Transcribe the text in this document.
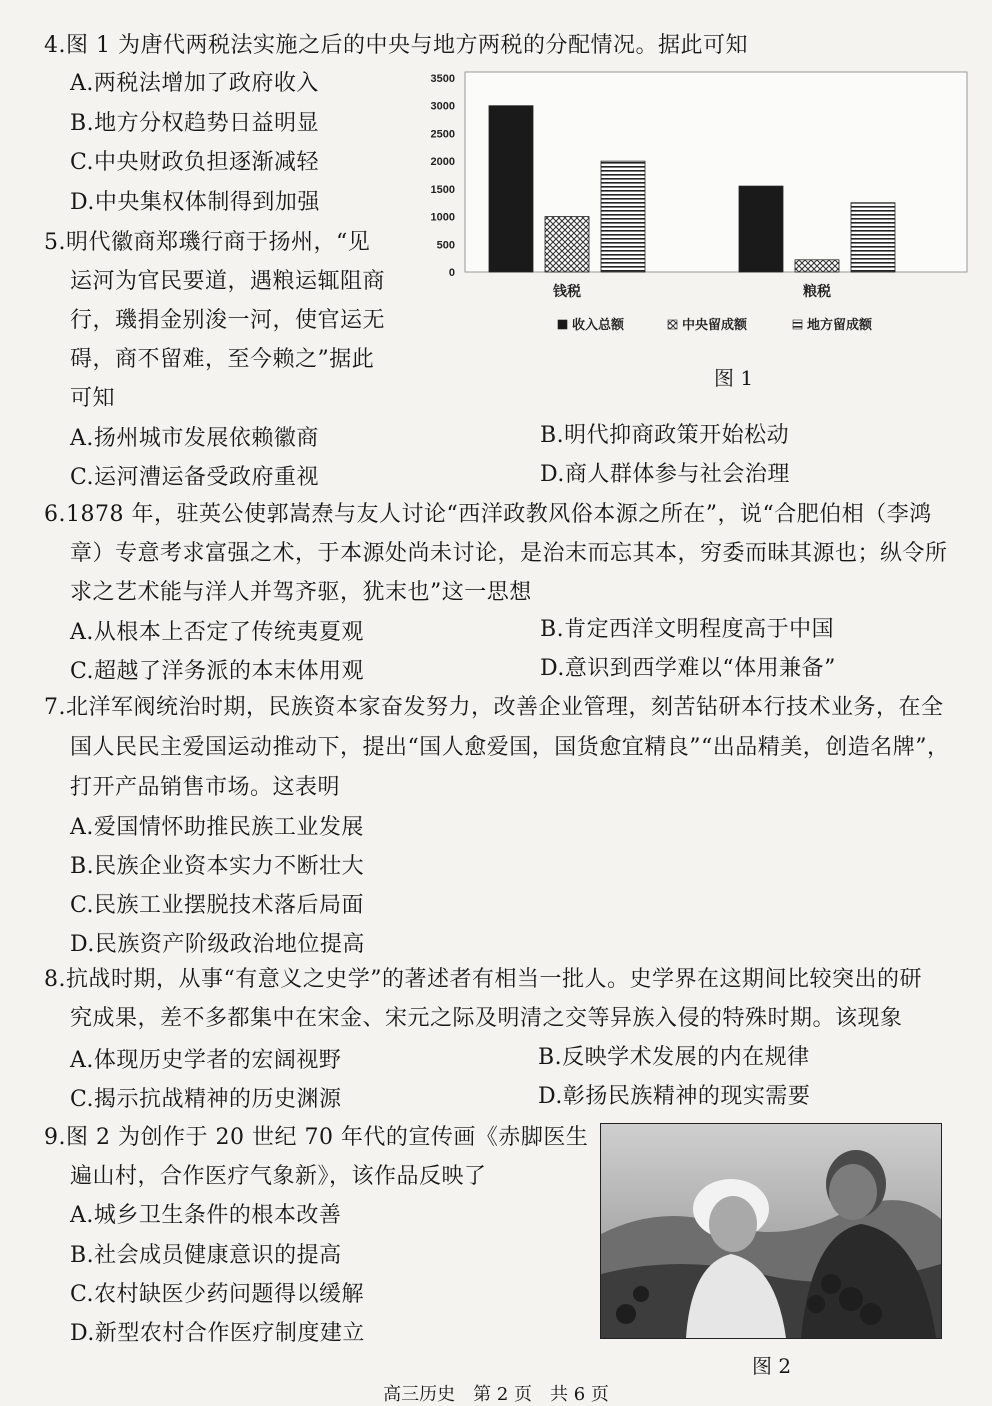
4.图 1 为唐代两税法实施之后的中央与地方两税的分配情况。据此可知
A.两税法增加了政府收入
B.地方分权趋势日益明显
C.中央财政负担逐渐减轻
D.中央集权体制得到加强
0
500
1000
1500
2000
2500
3000
3500
钱税	粮税
收入总额	中央留成额	地方留成额
图 1
5.明代徽商郑璣行商于扬州，“见
运河为官民要道，遇粮运辄阻商
行，璣捐金别浚一河，使官运无
碍，商不留难，至今赖之”据此
可知
A.扬州城市发展依赖徽商	B.明代抑商政策开始松动
C.运河漕运备受政府重视	D.商人群体参与社会治理
6.1878 年，驻英公使郭嵩焘与友人讨论“西洋政教风俗本源之所在”，说“合肥伯相（李鸿
章）专意考求富强之术，于本源处尚未讨论，是治末而忘其本，穷委而昧其源也；纵令所
求之艺术能与洋人并驾齐驱，犹末也”这一思想
A.从根本上否定了传统夷夏观	B.肯定西洋文明程度高于中国
C.超越了洋务派的本末体用观	D.意识到西学难以“体用兼备”
7.北洋军阀统治时期，民族资本家奋发努力，改善企业管理，刻苦钻研本行技术业务，在全
国人民民主爱国运动推动下，提出“国人愈爱国，国货愈宜精良”“出品精美，创造名牌”，
打开产品销售市场。这表明
A.爱国情怀助推民族工业发展
B.民族企业资本实力不断壮大
C.民族工业摆脱技术落后局面
D.民族资产阶级政治地位提高
8.抗战时期，从事“有意义之史学”的著述者有相当一批人。史学界在这期间比较突出的研
究成果，差不多都集中在宋金、宋元之际及明清之交等异族入侵的特殊时期。该现象
A.体现历史学者的宏阔视野	B.反映学术发展的内在规律
C.揭示抗战精神的历史渊源	D.彰扬民族精神的现实需要
9.图 2 为创作于 20 世纪 70 年代的宣传画《赤脚医生
遍山村，合作医疗气象新》，该作品反映了
A.城乡卫生条件的根本改善
B.社会成员健康意识的提高
C.农村缺医少药问题得以缓解
D.新型农村合作医疗制度建立
图 2
高三历史　第 2 页　共 6 页
